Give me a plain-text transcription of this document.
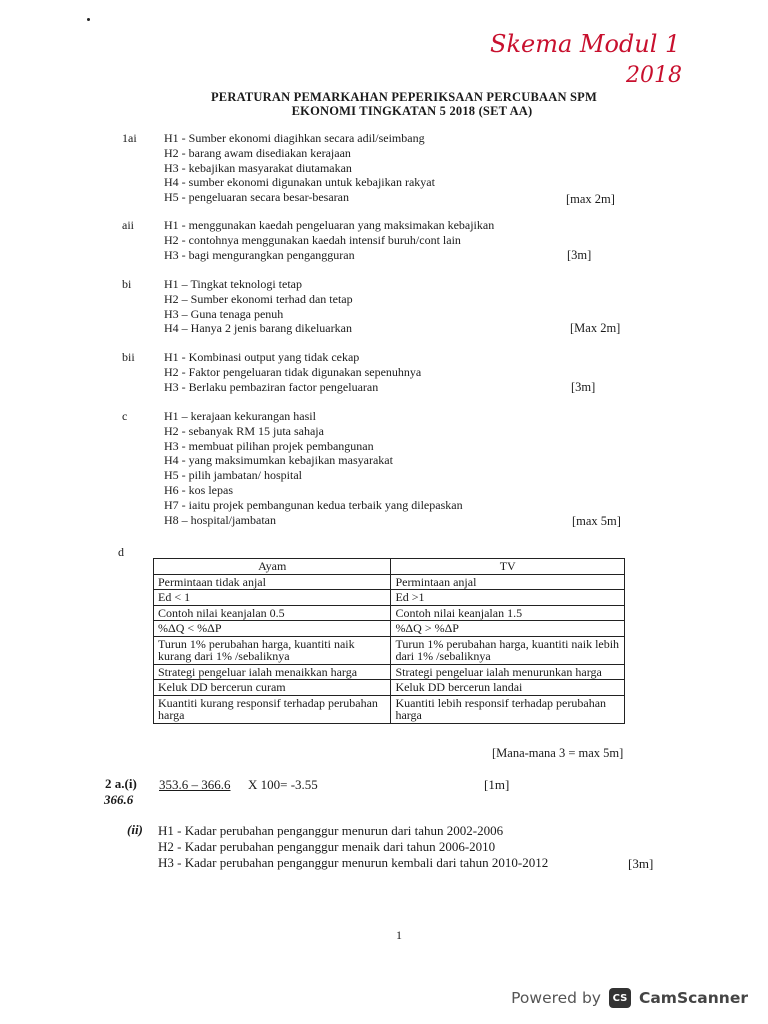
Skema Modul 1
2018
PERATURAN PEMARKAHAN PEPERIKSAAN PERCUBAAN SPM
EKONOMI TINGKATAN 5 2018 (SET AA)
1ai H1 - Sumber ekonomi diagihkan secara adil/seimbang
H2 - barang awam disediakan kerajaan
H3 - kebajikan masyarakat diutamakan
H4 - sumber ekonomi digunakan untuk kebajikan rakyat
H5 - pengeluaran secara besar-besaran	[max 2m]
aii	H1 - menggunakan kaedah pengeluaran yang maksimakan kebajikan
H2 - contohnya menggunakan kaedah intensif buruh/cont lain
H3 - bagi mengurangkan pengangguran	[3m]
bi	H1 – Tingkat teknologi tetap
H2 – Sumber ekonomi terhad dan tetap
H3 – Guna tenaga penuh
H4 – Hanya 2 jenis barang dikeluarkan	[Max 2m]
bii H1 - Kombinasi output yang tidak cekap
H2 - Faktor pengeluaran tidak digunakan sepenuhnya
H3 - Berlaku pembaziran factor pengeluaran	[3m]
c	H1 – kerajaan kekurangan hasil
H2 - sebanyak RM 15 juta sahaja
H3 - membuat pilihan projek pembangunan
H4 - yang maksimumkan kebajikan masyarakat
H5 - pilih jambatan/ hospital
H6 - kos lepas
H7 - iaitu projek pembangunan kedua terbaik yang dilepaskan
H8 – hospital/jambatan	[max 5m]
d
Ayam	TV
Permintaan tidak anjal	Permintaan anjal
Ed < 1	Ed >1
Contoh nilai keanjalan 0.5	Contoh nilai keanjalan 1.5
%ΔQ < %ΔP	%ΔQ > %ΔP
Turun 1% perubahan harga, kuantiti naik kurang dari 1% /sebaliknya	Turun 1% perubahan harga, kuantiti naik lebih dari 1% /sebaliknya
Strategi pengeluar ialah menaikkan harga	Strategi pengeluar ialah menurunkan harga
Keluk DD bercerun curam	Keluk DD bercerun landai
Kuantiti kurang responsif terhadap perubahan harga	Kuantiti lebih responsif terhadap perubahan harga
[Mana-mana 3 = max 5m]
2 a.(i) 353.6 – 366.6 X 100= -3.55
366.6
[1m]
(ii) H1 - Kadar perubahan penganggur menurun dari tahun 2002-2006
H2 - Kadar perubahan penganggur menaik dari tahun 2006-2010
H3 - Kadar perubahan penganggur menurun kembali dari tahun 2010-2012	[3m]
1
Powered by	CS CamScanner
